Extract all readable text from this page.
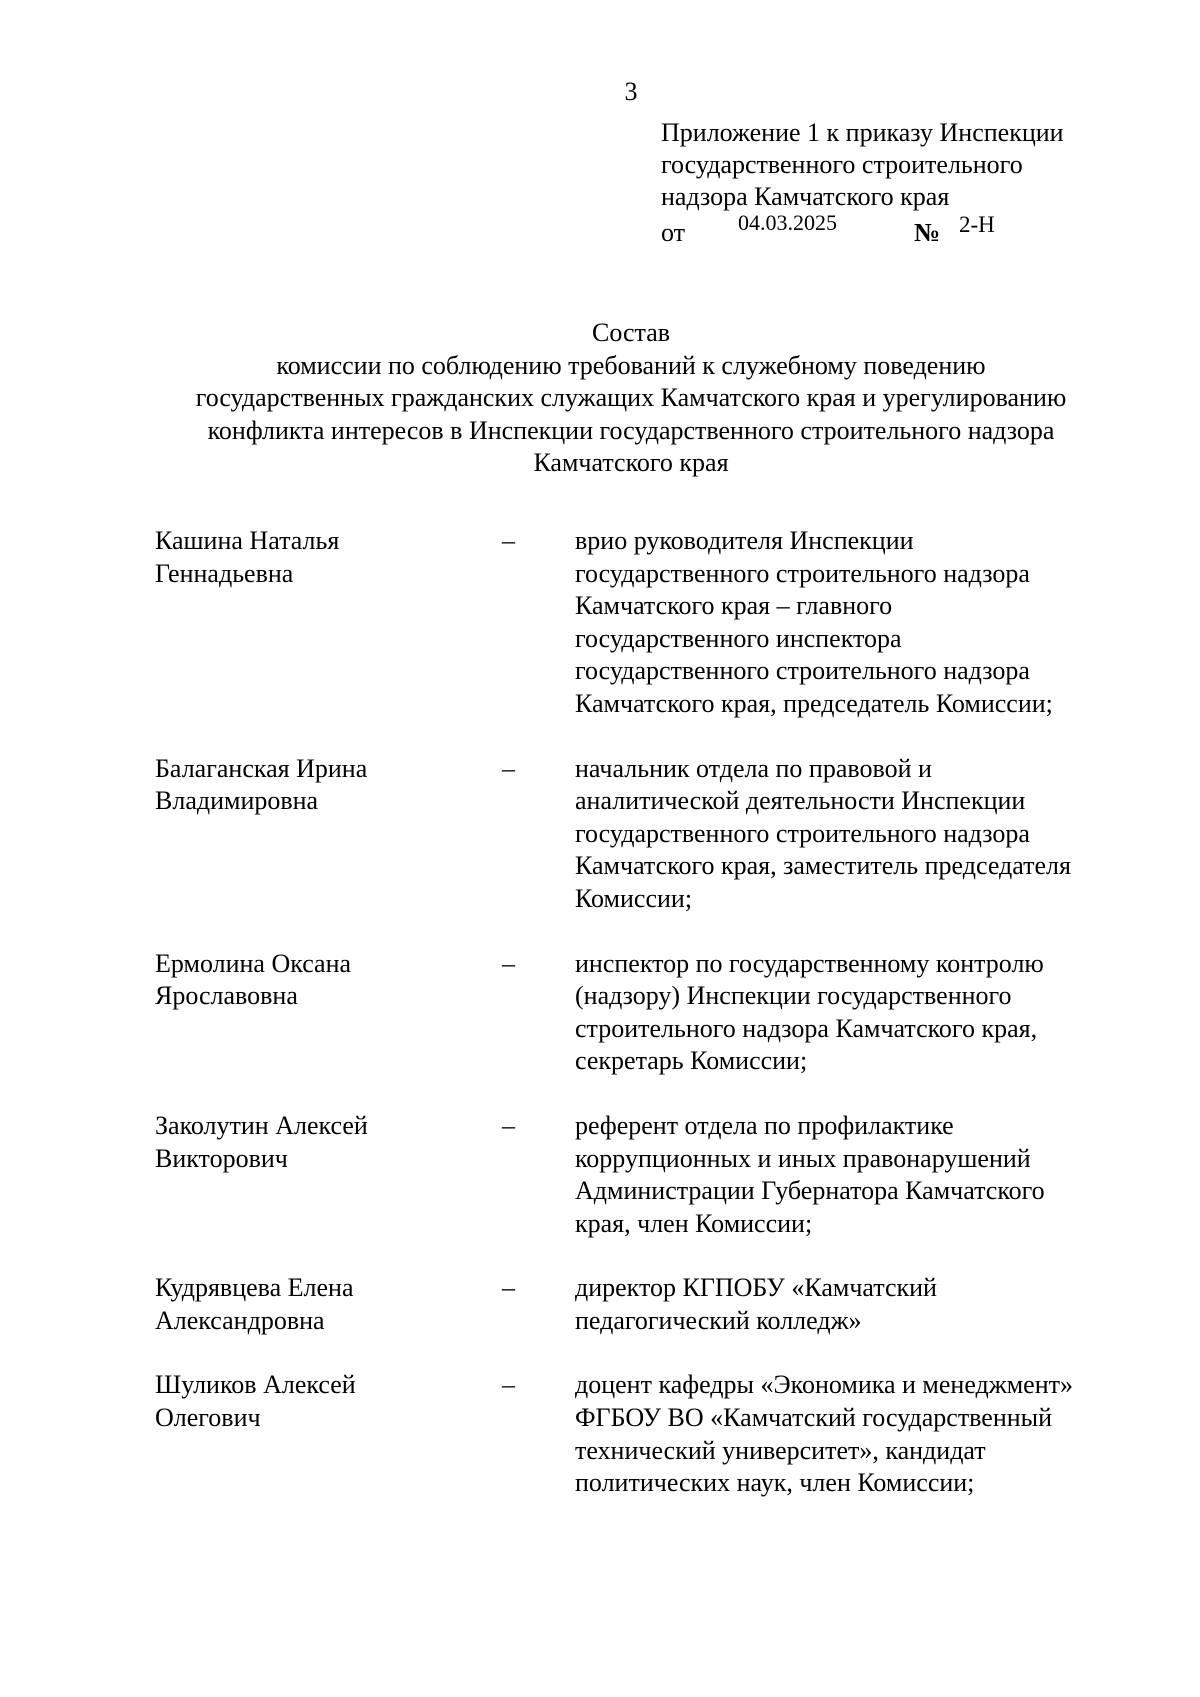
3
Приложение 1 к приказу Инспекции
государственного строительного
надзора Камчатского края
от 04.03.2025	№ 2-Н
Состав
комиссии по соблюдению требований к служебному поведению
государственных гражданских служащих Камчатского края и урегулированию
конфликта интересов в Инспекции государственного строительного надзора
Камчатского края
Кашина Наталья
Геннадьевна
–	врио руководителя Инспекции
государственного строительного надзора
Камчатского края – главного
государственного инспектора
государственного строительного надзора
Камчатского края, председатель Комиссии;
Балаганская Ирина
Владимировна
–	начальник отдела по правовой и
аналитической деятельности Инспекции
государственного строительного надзора
Камчатского края, заместитель председателя
Комиссии;
Ермолина Оксана
Ярославовна
–	инспектор по государственному контролю
(надзору) Инспекции государственного
строительного надзора Камчатского края,
секретарь Комиссии;
Заколутин Алексей
Викторович
–	референт отдела по профилактике
коррупционных и иных правонарушений
Администрации Губернатора Камчатского
края, член Комиссии;
Кудрявцева Елена
Александровна
–	директор КГПОБУ «Камчатский
педагогический колледж»
Шуликов Алексей
Олегович
–	доцент кафедры «Экономика и менеджмент»
ФГБОУ ВО «Камчатский государственный
технический университет», кандидат
политических наук, член Комиссии;
